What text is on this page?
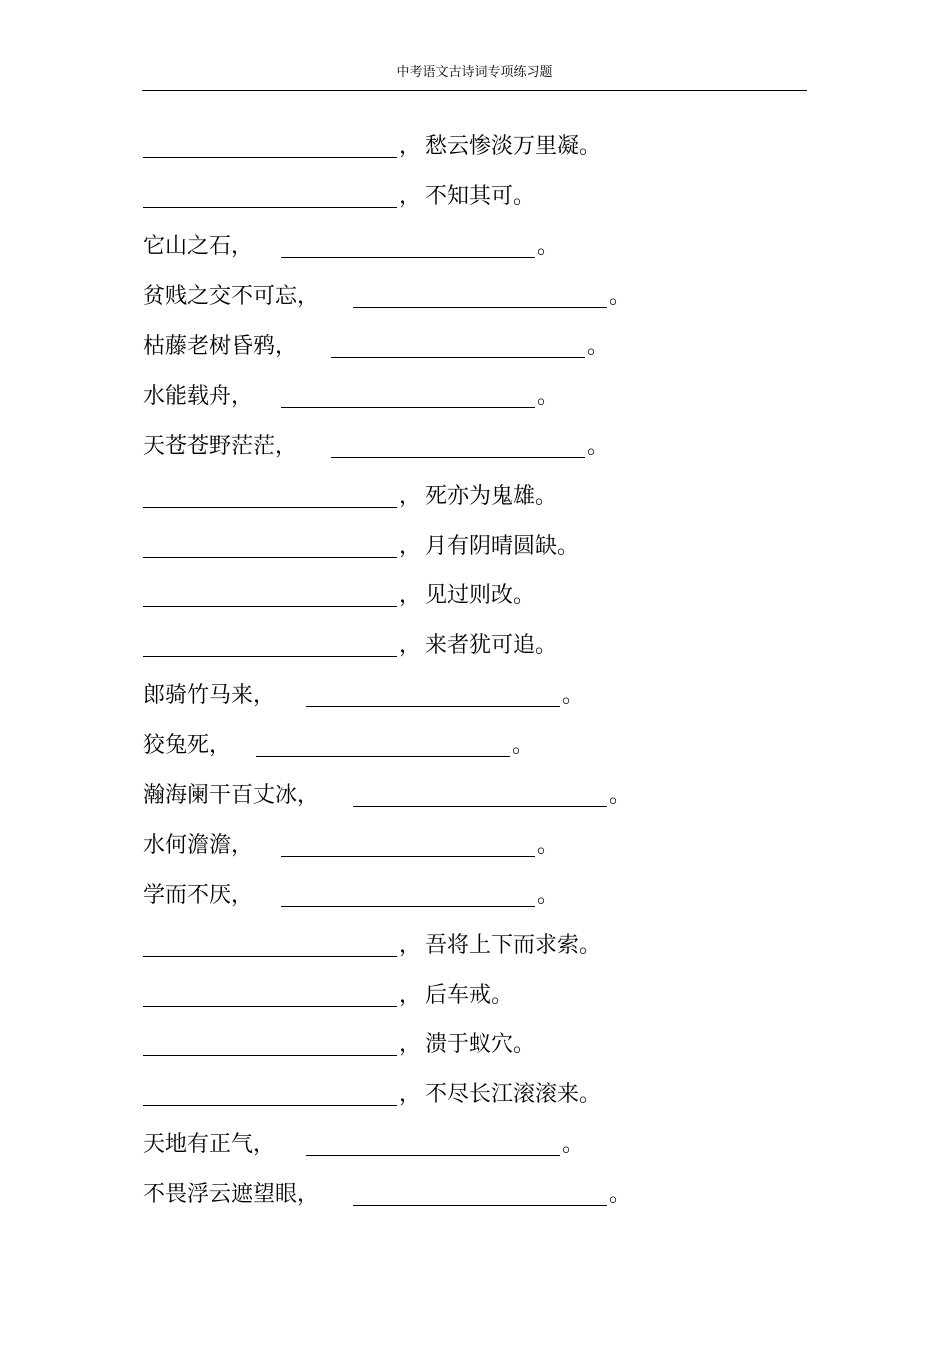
中考语文古诗词专项练习题
， 愁云惨淡万里凝。
， 不知其可。
它山之石，	。
贫贱之交不可忘，	。
枯藤老树昏鸦，	。
水能载舟，	。
天苍苍野茫茫，	。
， 死亦为鬼雄。
， 月有阴晴圆缺。
， 见过则改。
， 来者犹可追。
郎骑竹马来，	。
狡兔死，	。
瀚海阑干百丈冰，	。
水何澹澹，	。
学而不厌，	。
， 吾将上下而求索。
， 后车戒。
， 溃于蚁穴。
， 不尽长江滚滚来。
天地有正气，	。
不畏浮云遮望眼，	。
